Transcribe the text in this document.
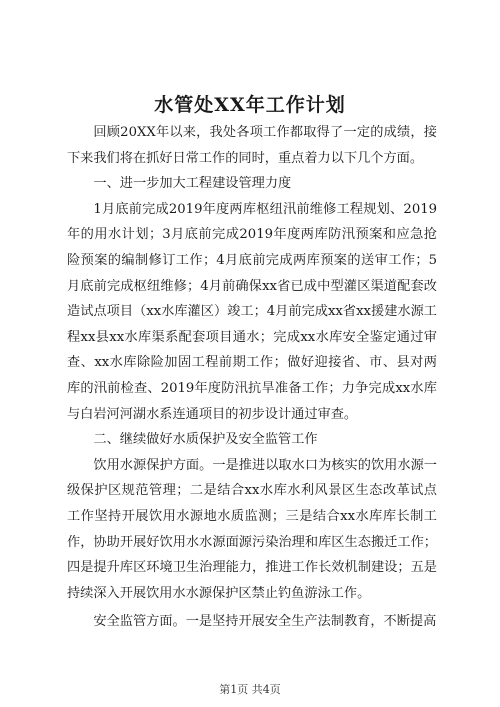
水管处XX年工作计划

回顾20XX年以来，我处各项工作都取得了一定的成绩，接下来我们将在抓好日常工作的同时，重点着力以下几个方面。

一、进一步加大工程建设管理力度

1月底前完成2019年度两库枢纽汛前维修工程规划、2019年的用水计划；3月底前完成2019年度两库防汛预案和应急抢险预案的编制修订工作；4月底前完成两库预案的送审工作；5月底前完成枢纽维修；4月前确保xx省已成中型灌区渠道配套改造试点项目（xx水库灌区）竣工；4月前完成xx省xx援建水源工程xx县xx水库渠系配套项目通水；完成xx水库安全鉴定通过审查、xx水库除险加固工程前期工作；做好迎接省、市、县对两库的汛前检查、2019年度防汛抗旱准备工作；力争完成xx水库与白岩河河湖水系连通项目的初步设计通过审查。

二、继续做好水质保护及安全监管工作

饮用水源保护方面。一是推进以取水口为核实的饮用水源一级保护区规范管理；二是结合xx水库水利风景区生态改革试点工作坚持开展饮用水源地水质监测；三是结合xx水库库长制工作，协助开展好饮用水水源面源污染治理和库区生态搬迁工作；四是提升库区环境卫生治理能力，推进工作长效机制建设；五是持续深入开展饮用水水源保护区禁止钓鱼游泳工作。

安全监管方面。一是坚持开展安全生产法制教育，不断提高

第1页 共4页
